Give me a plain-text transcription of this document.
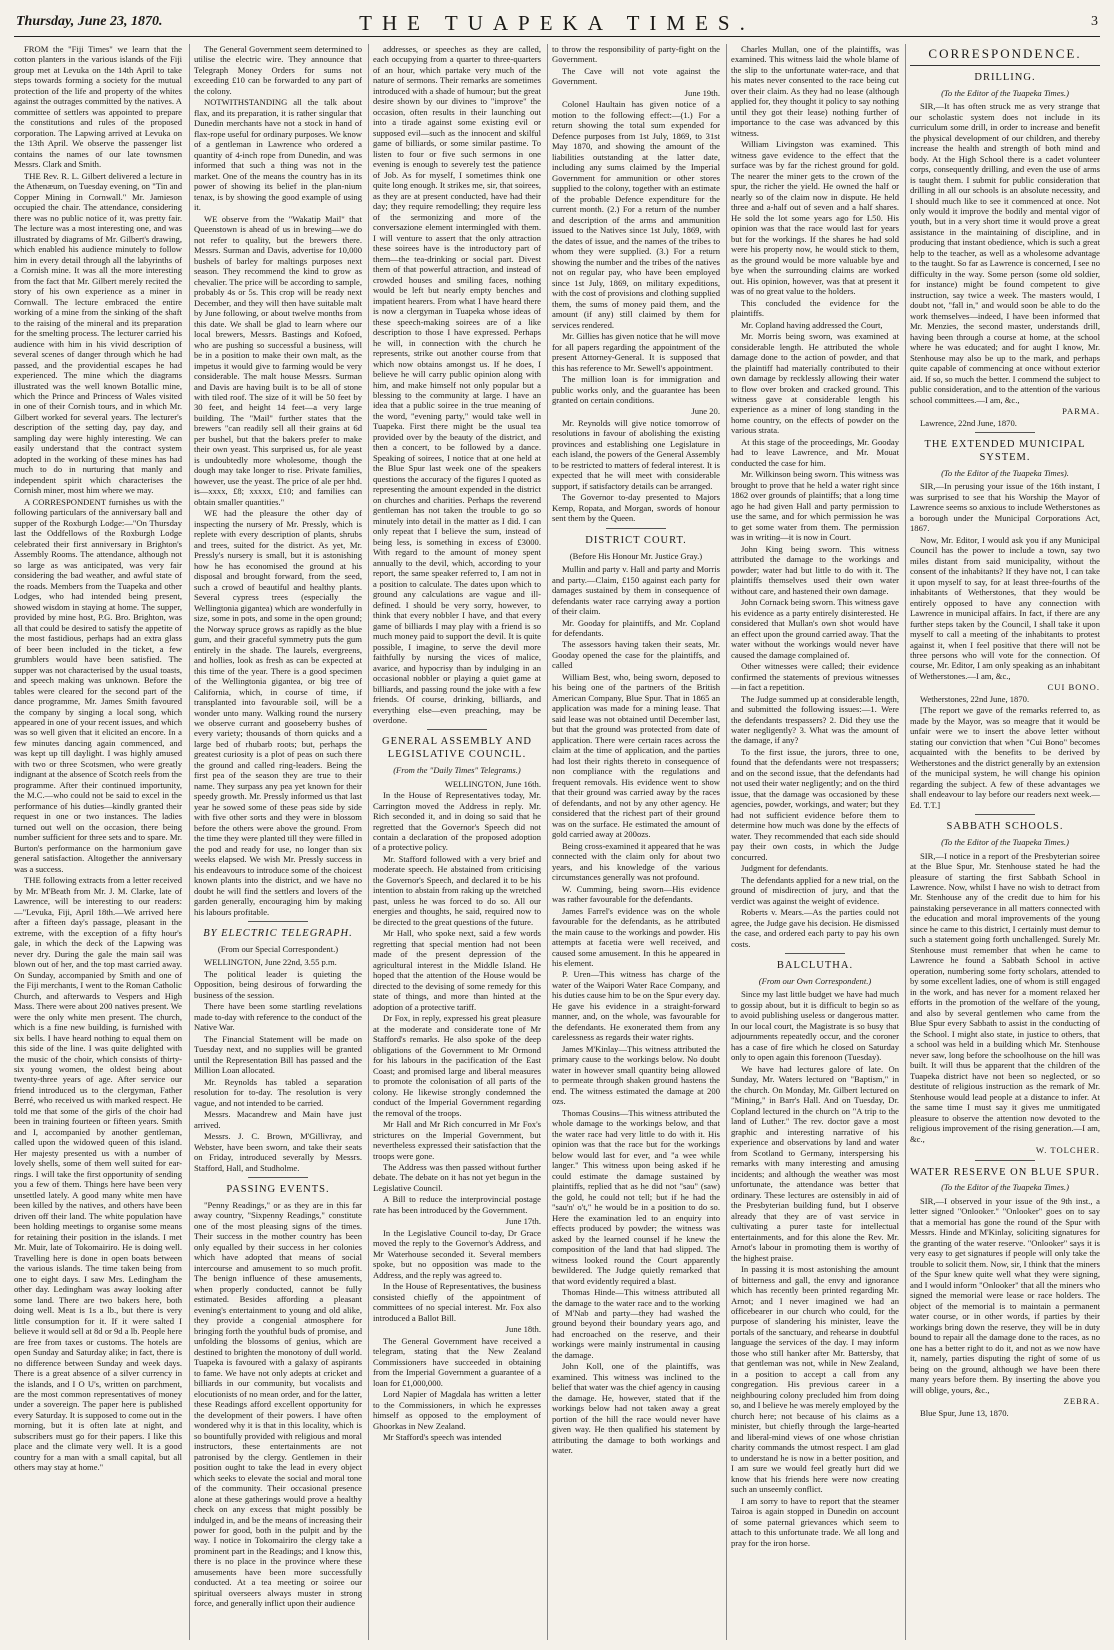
Thursday, June 23, 1870.	THE TUAPEKA TIMES.	3

FROM the "Fiji Times" we learn that the cotton planters in the various islands of the Fiji group met at Levuka on the 14th April to take steps towards forming a society for the mutual protection of the life and property of the whites against the outrages committed by the natives. A committee of settlers was appointed to prepare the constitutions and rules of the proposed corporation. The Lapwing arrived at Levuka on the 13th April. We observe the passenger list contains the names of our late townsmen Messrs. Clark and Smith.

THE Rev. R. L. Gilbert delivered a lecture in the Athenæum, on Tuesday evening, on "Tin and Copper Mining in Cornwall." Mr. Jamieson occupied the chair. The attendance, considering there was no public notice of it, was pretty fair. The lecture was a most interesting one, and was illustrated by diagrams of Mr. Gilbert's drawing, which enabled his audience minutely to follow him in every detail through all the labyrinths of a Cornish mine. It was all the more interesting from the fact that Mr. Gilbert merely recited the story of his own experience as a miner in Cornwall. The lecture embraced the entire working of a mine from the sinking of the shaft to the raising of the mineral and its preparation for the smelting process. The lecturer carried his audience with him in his vivid description of several scenes of danger through which he had passed, and the providential escapes he had experienced. The mine which the diagrams illustrated was the well known Botallic mine, which the Prince and Princess of Wales visited in one of their Cornish tours, and in which Mr. Gilbert worked for several years. The lecturer's description of the setting day, pay day, and sampling day were highly interesting. We can easily understand that the contract system adopted in the working of these mines has had much to do in nurturing that manly and independent spirit which characterises the Cornish miner, most him where we may.

A CORRESPONDENT furnishes us with the following particulars of the anniversary ball and supper of the Roxburgh Lodge:—"On Thursday last the Oddfellows of the Roxburgh Lodge celebrated their first anniversary in Brighton's Assembly Rooms. The attendance, although not so large as was anticipated, was very fair considering the bad weather, and awful state of the roads. Members from the Tuapeka and other Lodges, who had intended being present, showed wisdom in staying at home. The supper, provided by mine host, P.G. Bro. Brighton, was all that could be desired to satisfy the appetite of the most fastidious, perhaps had an extra glass of beer been included in the ticket, a few grumblers would have been satisfied. The supper was not characterised by the usual toasts, and speech making was unknown. Before the tables were cleared for the second part of the dance programme, Mr. James Smith favoured the company by singing a local song, which appeared in one of your recent issues, and which was so well given that it elicited an encore. In a few minutes dancing again commenced, and was kept up till daylight. I was highly amused with two or three Scotsmen, who were greatly indignant at the absence of Scotch reels from the programme. After their continued importunity, the M.C.—who could not be said to excel in the performance of his duties—kindly granted their request in one or two instances. The ladies turned out well on the occasion, there being number sufficient for three sets and to spare. Mr. Burton's performance on the harmonium gave general satisfaction. Altogether the anniversary was a success.

THE following extracts from a letter received by Mr. M'Beath from Mr. J. M. Clarke, late of Lawrence, will be interesting to our readers:—"Levuka, Fiji, April 18th.—We arrived here after a fifteen day's passage, pleasant in the extreme, with the exception of a fifty hour's gale, in which the deck of the Lapwing was never dry. During the gale the main sail was blown out of her, and the top mast carried away. On Sunday, accompanied by Smith and one of the Fiji merchants, I went to the Roman Catholic Church, and afterwards to Vespers and High Mass. There were about 200 natives present. We were the only white men present. The church, which is a fine new building, is furnished with six bells. I have heard nothing to equal them on this side of the line. I was quite delighted with the music of the choir, which consists of thirty-six young women, the oldest being about twenty-three years of age. After service our friend introduced us to the clergyman, Father Berré, who received us with marked respect. He told me that some of the girls of the choir had been in training fourteen or fifteen years. Smith and I, accompanied by another gentleman, called upon the widowed queen of this island. Her majesty presented us with a number of lovely shells, some of them well suited for ear-rings. I will take the first opportunity of sending you a few of them. Things here have been very unsettled lately. A good many white men have been killed by the natives, and others have been driven off their land. The white population have been holding meetings to organise some means for retaining their position in the islands. I met Mr. Muir, late of Tokomairiro. He is doing well. Travelling here is done in open boats between the various islands. The time taken being from one to eight days. I saw Mrs. Ledingham the other day. Ledingham was away looking after some land. There are two bakers here, both doing well. Meat is 1s a lb., but there is very little consumption for it. If it were salted I believe it would sell at 8d or 9d a lb. People here are free from taxes or customs. The hotels are open Sunday and Saturday alike; in fact, there is no difference between Sunday and week days. There is a great absence of a silver currency in the islands, and I O U's, written on parchment, are the most common representatives of money under a sovereign. The paper here is published every Saturday. It is supposed to come out in the morning, but it is often late at night, and subscribers must go for their papers. I like this place and the climate very well. It is a good country for a man with a small capital, but all others may stay at home."

The General Government seem determined to utilise the electric wire. They announce that Telegraph Money Orders for sums not exceeding £10 can be forwarded to any part of the colony.

NOTWITHSTANDING all the talk about flax, and its preparation, it is rather singular that Dunedin merchants have not a stock in hand of flax-rope useful for ordinary purposes. We know of a gentleman in Lawrence who ordered a quantity of 4-inch rope from Dunedin, and was informed that such a thing was not in the market. One of the means the country has in its power of showing its belief in the plan-nium tenax, is by showing the good example of using it.

WE observe from the "Wakatip Mail" that Queenstown is ahead of us in brewing—we do not refer to quality, but the brewers there. Messrs. Surman and Davis, advertise for 10,000 bushels of barley for maltings purposes next season. They recommend the kind to grow as chevalier. The price will be according to sample, probably 4s or 5s. This crop will be ready next December, and they will then have suitable malt by June following, or about twelve months from this date. We shall be glad to learn where our local brewers, Messrs. Bastings and Kofoed, who are pushing so successful a business, will be in a position to make their own malt, as the impetus it would give to farming would be very considerable. The malt house Messrs. Surman and Davis are having built is to be all of stone with tiled roof. The size of it will be 50 feet by 30 feet, and height 14 feet—a very large building. The "Mail" further states that the brewers "can readily sell all their grains at 6d per bushel, but that the bakers prefer to make their own yeast. This surprised us, for ale yeast is undoubtedly more wholesome, though the dough may take longer to rise. Private families, however, use the yeast. The price of ale per hhd. is—xxxx, £8; xxxxx, £10; and families can obtain smaller quantities."

WE had the pleasure the other day of inspecting the nursery of Mr. Pressly, which is replete with every description of plants, shrubs and trees, suited for the district. As yet, Mr. Pressly's nursery is small, but it is astonishing how he has economised the ground at his disposal and brought forward, from the seed, such a crowd of beautiful and healthy plants. Several cypress trees (especially the Wellingtonia gigantea) which are wonderfully in size, some in pots, and some in the open ground; the Norway spruce grows as rapidly as the blue gum, and their graceful symmetry puts the gum entirely in the shade. The laurels, evergreens, and hollies, look as fresh as can be expected at this time of the year. There is a good specimen of the Wellingtonia gigantea, or big tree of California, which, in course of time, if transplanted into favourable soil, will be a wonder unto many. Walking round the nursery we observe currant and gooseberry bushes of every variety; thousands of thorn quicks and a large bed of rhubarb roots; but, perhaps the greatest curiosity is a plot of peas on such there the ground and called ring-leaders. Being the first pea of the season they are true to their name. They surpass any pea yet known for their speedy growth. Mr. Pressly informed us that last year he sowed some of these peas side by side with five other sorts and they were in blossom before the others were above the ground. From the time they were planted till they were filled in the pod and ready for use, no longer than six weeks elapsed. We wish Mr. Pressly success in his endeavours to introduce some of the choicest known plants into the district, and we have no doubt he will find the settlers and lovers of the garden generally, encouraging him by making his labours profitable.

BY ELECTRIC TELEGRAPH.
(From our Special Correspondent.)

WELLINGTON, June 22nd, 3.55 p.m.

The political leader is quieting the Opposition, being desirous of forwarding the business of the session.

There have been some startling revelations made to-day with reference to the conduct of the Native War.

The Financial Statement will be made on Tuesday next, and no supplies will be granted until the Representation Bill has passed and the Million Loan allocated.

Mr. Reynolds has tabled a separation resolution for to-day. The resolution is very vague, and not intended to be carried.

Messrs. Macandrew and Main have just arrived.

Messrs. J. C. Brown, M'Gillivray, and Webster, have been sworn, and take their seats on Friday, introduced severally by Messrs. Stafford, Hall, and Studholme.

PASSING EVENTS.

"Penny Readings," or as they are in this far away country, "Sixpenny Readings," constitute one of the most pleasing signs of the times. Their success in the mother country has been only equalled by their success in her colonies which have adopted that means of social intercourse and amusement to so much profit. The benign influence of these amusements, when properly conducted, cannot be fully estimated. Besides affording a pleasant evening's entertainment to young and old alike, they provide a congenial atmosphere for bringing forth the youthful buds of promise, and unfolding the blossoms of genius, which are destined to brighten the monotony of dull world. Tuapeka is favoured with a galaxy of aspirants to fame. We have not only adepts at cricket and billiards in our community, but vocalists and elocutionists of no mean order, and for the latter, these Readings afford excellent opportunity for the development of their powers. I have often wondered why it is that in this locality, which is so bountifully provided with religious and moral instructors, these entertainments are not patronised by the clergy. Gentlemen in their position ought to take the lead in every object which seeks to elevate the social and moral tone of the community. Their occasional presence alone at these gatherings would prove a healthy check on any excess that might possibly be indulged in, and be the means of increasing their power for good, both in the pulpit and by the way. I notice in Tokomairiro the clergy take a prominent part in the Readings; and I know this, there is no place in the province where these amusements have been more successfully conducted. At a tea meeting or soiree our spiritual overseers always muster in strong force, and generally inflict upon their audience

addresses, or speeches as they are called, each occupying from a quarter to three-quarters of an hour, which partake very much of the nature of sermons. Their remarks are sometimes introduced with a shade of humour; but the great desire shown by our divines to "improve" the occasion, often results in their launching out into a tirade against some existing evil or supposed evil—such as the innocent and skilful game of billiards, or some similar pastime. To listen to four or five such sermons in one evening is enough to severely test the patience of Job. As for myself, I sometimes think one quite long enough. It strikes me, sir, that soirees, as they are at present conducted, have had their day; they require remodelling; they require less of the sermonizing and more of the conversazione element intermingled with them. I will venture to assert that the only attraction these soirees have is the introductory part of them—the tea-drinking or social part. Divest them of that powerful attraction, and instead of crowded houses and smiling faces, nothing would be left but nearly empty benches and impatient hearers. From what I have heard there is now a clergyman in Tuapeka whose ideas of these speech-making soirees are of a like description to those I have expressed. Perhaps he will, in connection with the church he represents, strike out another course from that which now obtains amongst us. If he does, I believe he will carry public opinion along with him, and make himself not only popular but a blessing to the community at large. I have an idea that a public soiree in the true meaning of the word, "evening party," would take well in Tuapeka. First there might be the usual tea provided over by the beauty of the district, and then a concert, to be followed by a dance. Speaking of soirees, I notice that at one held at the Blue Spur last week one of the speakers questions the accuracy of the figures I quoted as representing the amount expended in the district on churches and charities. Perhaps the reverend gentleman has not taken the trouble to go so minutely into detail in the matter as I did. I can only repeat that I believe the sum, instead of being less, is something in excess of £3000. With regard to the amount of money spent annually to the devil, which, according to your report, the same speaker referred to, I am not in a position to calculate. The dates upon which to ground any calculations are vague and ill-defined. I should be very sorry, however, to think that every nobbler I have, and that every game of billiards I may play with a friend is so much money paid to support the devil. It is quite possible, I imagine, to serve the devil more faithfully by nursing the vices of malice, avarice, and hypocrisy than by indulging in an occasional nobbler or playing a quiet game at billiards, and passing round the joke with a few friends. Of course, drinking, billiards, and everything else—even preaching, may be overdone.

GENERAL ASSEMBLY AND LEGISLATIVE COUNCIL.
(From the "Daily Times" Telegrams.)

WELLINGTON, June 16th.

In the House of Representatives today, Mr. Carrington moved the Address in reply. Mr. Rich seconded it, and in doing so said that he regretted that the Governor's Speech did not contain a declaration of the proposed adoption of a protective policy.

Mr. Stafford followed with a very brief and moderate speech. He abstained from criticising the Governor's Speech, and declared it to be his intention to abstain from raking up the wretched past, unless he was forced to do so. All our energies and thoughts, he said, required now to be directed to the great questions of the future.

Mr Hall, who spoke next, said a few words regretting that special mention had not been made of the present depression of the agricultural interest in the Middle Island. He hoped that the attention of the House would be directed to the devising of some remedy for this state of things, and more than hinted at the adoption of a protective tariff.

Dr Fox, in reply, expressed his great pleasure at the moderate and considerate tone of Mr Stafford's remarks. He also spoke of the deep obligations of the Government to Mr Ormond for his labours in the pacification of the East Coast; and promised large and liberal measures to promote the colonisation of all parts of the colony. He likewise strongly condemned the conduct of the Imperial Government regarding the removal of the troops.

Mr Hall and Mr Rich concurred in Mr Fox's strictures on the Imperial Government, but nevertheless expressed their satisfaction that the troops were gone.

The Address was then passed without further debate. The debate on it has not yet begun in the Legislative Council.

A Bill to reduce the interprovincial postage rate has been introduced by the Government.

June 17th.

In the Legislative Council to-day, Dr Grace moved the reply to the Governor's Address, and Mr Waterhouse seconded it. Several members spoke, but no opposition was made to the Address, and the reply was agreed to.

In the House of Representatives, the business consisted chiefly of the appointment of committees of no special interest. Mr. Fox also introduced a Ballot Bill.

June 18th.

The General Government have received a telegram, stating that the New Zealand Commissioners have succeeded in obtaining from the Imperial Government a guarantee of a loan for £1,000,000.

Lord Napier of Magdala has written a letter to the Commissioners, in which he expresses himself as opposed to the employment of Ghoorkas in New Zealand.

Mr Stafford's speech was intended

to throw the responsibility of party-fight on the Government.

The Cave will not vote against the Government.

June 19th.

Colonel Haultain has given notice of a motion to the following effect:—(1.) For a return showing the total sum expended for Defence purposes from 1st July, 1869, to 31st May 1870, and showing the amount of the liabilities outstanding at the latter date, including any sums claimed by the Imperial Government for ammunition or other stores supplied to the colony, together with an estimate of the probable Defence expenditure for the current month. (2.) For a return of the number and description of the arms and ammunition issued to the Natives since 1st July, 1869, with the dates of issue, and the names of the tribes to whom they were supplied. (3.) For a return showing the number and the tribes of the natives not on regular pay, who have been employed since 1st July, 1869, on military expeditions, with the cost of provisions and clothing supplied them, the sums of money paid them, and the amount (if any) still claimed by them for services rendered.

Mr. Gillies has given notice that he will move for all papers regarding the appointment of the present Attorney-General. It is supposed that this has reference to Mr. Sewell's appointment.

The million loan is for immigration and public works only, and the guarantee has been granted on certain conditions.

June 20.

Mr. Reynolds will give notice tomorrow of resolutions in favour of abolishing the existing provinces and establishing one Legislature in each island, the powers of the General Assembly to be restricted to matters of federal interest. It is expected that he will meet with considerable support, if satisfactory details can be arranged.

The Governor to-day presented to Majors Kemp, Ropata, and Morgan, swords of honour sent them by the Queen.

DISTRICT COURT.
(Before His Honour Mr. Justice Gray.)

Mullin and party v. Hall and party and Morris and party.—Claim, £150 against each party for damages sustained by them in consequence of defendants water race carrying away a portion of their claim.

Mr. Gooday for plaintiffs, and Mr. Copland for defendants.

The assessors having taken their seats, Mr. Gooday opened the case for the plaintiffs, and called

William Best, who, being sworn, deposed to his being one of the partners of the British American Company, Blue Spur. That in 1865 an application was made for a mining lease. That said lease was not obtained until December last, but that the ground was protected from date of application. There were certain races across the claim at the time of application, and the parties had lost their rights thereto in consequence of non compliance with the regulations and frequent removals. His evidence went to show that their ground was carried away by the races of defendants, and not by any other agency. He considered that the richest part of their ground was on the surface. He estimated the amount of gold carried away at 200ozs.

Being cross-examined it appeared that he was connected with the claim only for about two years, and his knowledge of the various circumstances generally was not profound.

W. Cumming, being sworn—His evidence was rather favourable for the defendants.

James Farrel's evidence was on the whole favourable for the defendants, as he attributed the main cause to the workings and powder. His attempts at facetia were well received, and caused some amusement. In this he appeared in his element.

P. Uren—This witness has charge of the water of the Waipori Water Race Company, and his duties cause him to be on the Spur every day. He gave his evidence in a straight-forward manner, and, on the whole, was favourable for the defendants. He exonerated them from any carelessness as regards their water rights.

James M'Kinlay—This witness attributed the primary cause to the workings below. No doubt water in however small quantity being allowed to permeate through shaken ground hastens the end. The witness estimated the damage at 200 ozs.

Thomas Cousins—This witness attributed the whole damage to the workings below, and that the water race had very little to do with it. His opinion was that the race but for the workings below would last for ever, and "a wee while langer." This witness upon being asked if he could estimate the damage sustained by plaintiffs, replied that as he did not "sau" (saw) the gold, he could not tell; but if he had the "sau'n' o't," he would be in a position to do so. Here the examination led to an enquiry into effects produced by powder; the witness was asked by the learned counsel if he knew the composition of the land that had slipped. The witness looked round the Court apparently bewildered. The Judge quietly remarked that that word evidently required a blast.

Thomas Hinde—This witness attributed all the damage to the water race and to the working of M'Nab and party—they had washed the ground beyond their boundary years ago, and had encroached on the reserve, and their workings were mainly instrumental in causing the damage.

John Koll, one of the plaintiffs, was examined. This witness was inclined to the belief that water was the chief agency in causing the damage. He, however, stated that if the workings below had not taken away a great portion of the hill the race would never have given way. He then qualified his statement by attributing the damage to both workings and water.

Charles Mullan, one of the plaintiffs, was examined. This witness laid the whole blame of the slip to the unfortunate water-race, and that his mates never consented to the race being cut over their claim. As they had no lease (although applied for, they thought it policy to say nothing until they got their lease) nothing further of importance to the case was advanced by this witness.

William Livingston was examined. This witness gave evidence to the effect that the surface was by far the richest ground for gold. The nearer the miner gets to the crown of the spur, the richer the yield. He owned the half or nearly so of the claim now in dispute. He held three and a-half out of seven and a half shares. He sold the lot some years ago for L50. His opinion was that the race would last for years but for the workings. If the shares he had sold were his property now, he would stick to them, as the ground would be more valuable bye and bye when the surrounding claims are worked out. His opinion, however, was that at present it was of no great value to the holders.

This concluded the evidence for the plaintiffs.

Mr. Copland having addressed the Court,

Mr. Morris being sworn, was examined at considerable length. He attributed the whole damage done to the action of powder, and that the plaintiff had materially contributed to their own damage by recklessly allowing their water to flow over broken and cracked ground. This witness gave at considerable length his experience as a miner of long standing in the home country, on the effects of powder on the various strata.

At this stage of the proceedings, Mr. Gooday had to leave Lawrence, and Mr. Mouat conducted the case for him.

Mr. Wilkinson being sworn. This witness was brought to prove that he held a water right since 1862 over grounds of plaintiffs; that a long time ago he had given Hall and party permission to use the same, and for which permission he was to get some water from them. The permission was in writing—it is now in Court.

John King being sworn. This witness attributed the damage to the workings and powder; water had but little to do with it. The plaintiffs themselves used their own water without care, and hastened their own damage.

John Cornack being sworn. This witness gave his evidence as a party entirely disinterested. He considered that Mullan's own shot would have an effect upon the ground carried away. That the water without the workings would never have caused the damage complained of.

Other witnesses were called; their evidence confirmed the statements of previous witnesses—in fact a repetition.

The Judge summed up at considerable length, and submitted the following issues:—1. Were the defendants trespassers? 2. Did they use the water negligently? 3. What was the amount of the damage, if any?

To the first issue, the jurors, three to one, found that the defendants were not trespassers; and on the second issue, that the defendants had not used their water negligently; and on the third issue, that the damage was occasioned by these agencies, powder, workings, and water; but they had not sufficient evidence before them to determine how much was done by the effects of water. They recommended that each side should pay their own costs, in which the Judge concurred.

Judgment for defendants.

The defendants applied for a new trial, on the ground of misdirection of jury, and that the verdict was against the weight of evidence.

Roberts v. Mears.—As the parties could not agree, the Judge gave his decision. He dismissed the case, and ordered each party to pay his own costs.

BALCLUTHA.
(From our Own Correspondent.)

Since my last little budget we have had much to gossip about, but it is difficult to begin so as to avoid publishing useless or dangerous matter. In our local court, the Magistrate is so busy that adjournments repeatedly occur, and the coroner has a case of fire which he closed on Saturday only to open again this forenoon (Tuesday).

We have had lectures galore of late. On Sunday, Mr. Waters lectured on "Baptism," in the church. On Monday, Mr. Gilbert lectured on "Mining," in Barr's Hall. And on Tuesday, Dr. Copland lectured in the church on "A trip to the land of Luther." The rev. doctor gave a most graphic and interesting narrative of his experience and observations by land and water from Scotland to Germany, interspersing his remarks with many interesting and amusing incidents; and although the weather was most unfortunate, the attendance was better that ordinary. These lectures are ostensibly in aid of the Presbyterian building fund, but I observe already that they are of vast service in cultivating a purer taste for intellectual entertainments, and for this alone the Rev. Mr. Arnot's labour in promoting them is worthy of the highest praise.

In passing it is most astonishing the amount of bitterness and gall, the envy and ignorance which has recently been printed regarding Mr. Arnot; and I never imagined we had an officebearer in our church who could, for the purpose of slandering his minister, leave the portals of the sanctuary, and rehearse in doubtful language the services of the day. I may inform those who still hanker after Mr. Battersby, that that gentleman was not, while in New Zealand, in a position to accept a call from any congregation. His previous career in a neighbouring colony precluded him from doing so, and I believe he was merely employed by the church here; not because of his claims as a minister, but chiefly through the large-hearted and liberal-mind views of one whose christian charity commands the utmost respect. I am glad to understand he is now in a better position, and I am sure we would feel greatly hurt did we know that his friends here were now creating such an unseemly conflict.

I am sorry to have to report that the steamer Tairoa is again stopped in Dunedin on account of some paternal grievances which seem to attach to this unfortunate trade. We all long and pray for the iron horse.

CORRESPONDENCE.
DRILLING.
(To the Editor of the Tuapeka Times.)

SIR,—It has often struck me as very strange that our scholastic system does not include in its curriculum some drill, in order to increase and benefit the physical development of our children, and thereby increase the health and strength of both mind and body. At the High School there is a cadet volunteer corps, consequently drilling, and even the use of arms is taught them. I submit for public consideration that drilling in all our schools is an absolute necessity, and I should much like to see it commenced at once. Not only would it improve the bodily and mental vigor of youth, but in a very short time it would prove a great assistance in the maintaining of discipline, and in producing that instant obedience, which is such a great help to the teacher, as well as a wholesome advantage to the taught. So far as Lawrence is concerned, I see no difficulty in the way. Some person (some old soldier, for instance) might be found competent to give instruction, say twice a week. The masters would, I doubt not, "fall in," and would soon be able to do the work themselves—indeed, I have been informed that Mr. Menzies, the second master, understands drill, having been through a course at home, at the school where he was educated; and for aught I know, Mr. Stenhouse may also be up to the mark, and perhaps quite capable of commencing at once without exterior aid. If so, so much the better. I commend the subject to public consideration, and to the attention of the various school committees.—I am, &c.,

PARMA.

Lawrence, 22nd June, 1870.

THE EXTENDED MUNICIPAL SYSTEM.
(To the Editor of the Tuapeka Times).

SIR,—In perusing your issue of the 16th instant, I was surprised to see that his Worship the Mayor of Lawrence seems so anxious to include Wetherstones as a borough under the Municipal Corporations Act, 1867.

Now, Mr. Editor, I would ask you if any Municipal Council has the power to include a town, say two miles distant from said municipality, without the consent of the inhabitants? If they have not, I can take it upon myself to say, for at least three-fourths of the inhabitants of Wetherstones, that they would be entirely opposed to have any connection with Lawrence in municipal affairs. In fact, if there are any further steps taken by the Council, I shall take it upon myself to call a meeting of the inhabitants to protest against it, when I feel positive that there will not be three persons who will vote for the connection. Of course, Mr. Editor, I am only speaking as an inhabitant of Wetherstones.—I am, &c.,

CUI BONO.

Wetherstones, 22nd June, 1870.

[The report we gave of the remarks referred to, as made by the Mayor, was so meagre that it would be unfair were we to insert the above letter without stating our conviction that when "Cui Bono" becomes acquainted with the benefits to be derived by Wetherstones and the district generally by an extension of the municipal system, he will change his opinion regarding the subject. A few of these advantages we shall endeavour to lay before our readers next week.—Ed. T.T.]

SABBATH SCHOOLS.
(To the Editor of the Tuapeka Times.)

SIR,—I notice in a report of the Presbyterian soiree at the Blue Spur, Mr. Stenhouse stated he had the pleasure of starting the first Sabbath School in Lawrence. Now, whilst I have no wish to detract from Mr. Stenhouse any of the credit due to him for his painstaking perseverance in all matters connected with the education and moral improvements of the young since he came to this district, I certainly must demur to such a statement going forth unchallenged. Surely Mr. Stenhouse must remember that when he came to Lawrence he found a Sabbath School in active operation, numbering some forty scholars, attended to by some excellent ladies, one of whom is still engaged in the work, and has never for a moment relaxed her efforts in the promotion of the welfare of the young, and also by several gentlemen who came from the Blue Spur every Sabbath to assist in the conducting of the School. I might also state, in justice to others, that a school was held in a building which Mr. Stenhouse never saw, long before the schoolhouse on the hill was built. It will thus be apparent that the children of the Tuapeka district have not been so neglected, or so destitute of religious instruction as the remark of Mr. Stenhouse would lead people at a distance to infer. At the same time I must say it gives me unmitigated pleasure to observe the attention now devoted to the religious improvement of the rising generation.—I am, &c.,

W. TOLCHER.

WATER RESERVE ON BLUE SPUR.
(To the Editor of the Tuapeka Times.)

SIR,—I observed in your issue of the 9th inst., a letter signed "Onlooker." "Onlooker" goes on to say that a memorial has gone the round of the Spur with Messrs. Hinde and M'Kinlay, soliciting signatures for the granting of the water reserve. "Onlooker" says it is very easy to get signatures if people will only take the trouble to solicit them. Now, sir, I think that the miners of the Spur knew quite well what they were signing, and I would inform "Onlooker" that all the miners who signed the memorial were lease or race holders. The object of the memorial is to maintain a permanent water course, or in other words, if parties by their workings bring down the reserve, they will be in duty bound to repair all the damage done to the races, as no one has a better right to do it, and not as we now have it, namely, parties disputing the right of some of us being on the ground, although we have been there many years before them. By inserting the above you will oblige, yours, &c.,

ZEBRA.

Blue Spur, June 13, 1870.
